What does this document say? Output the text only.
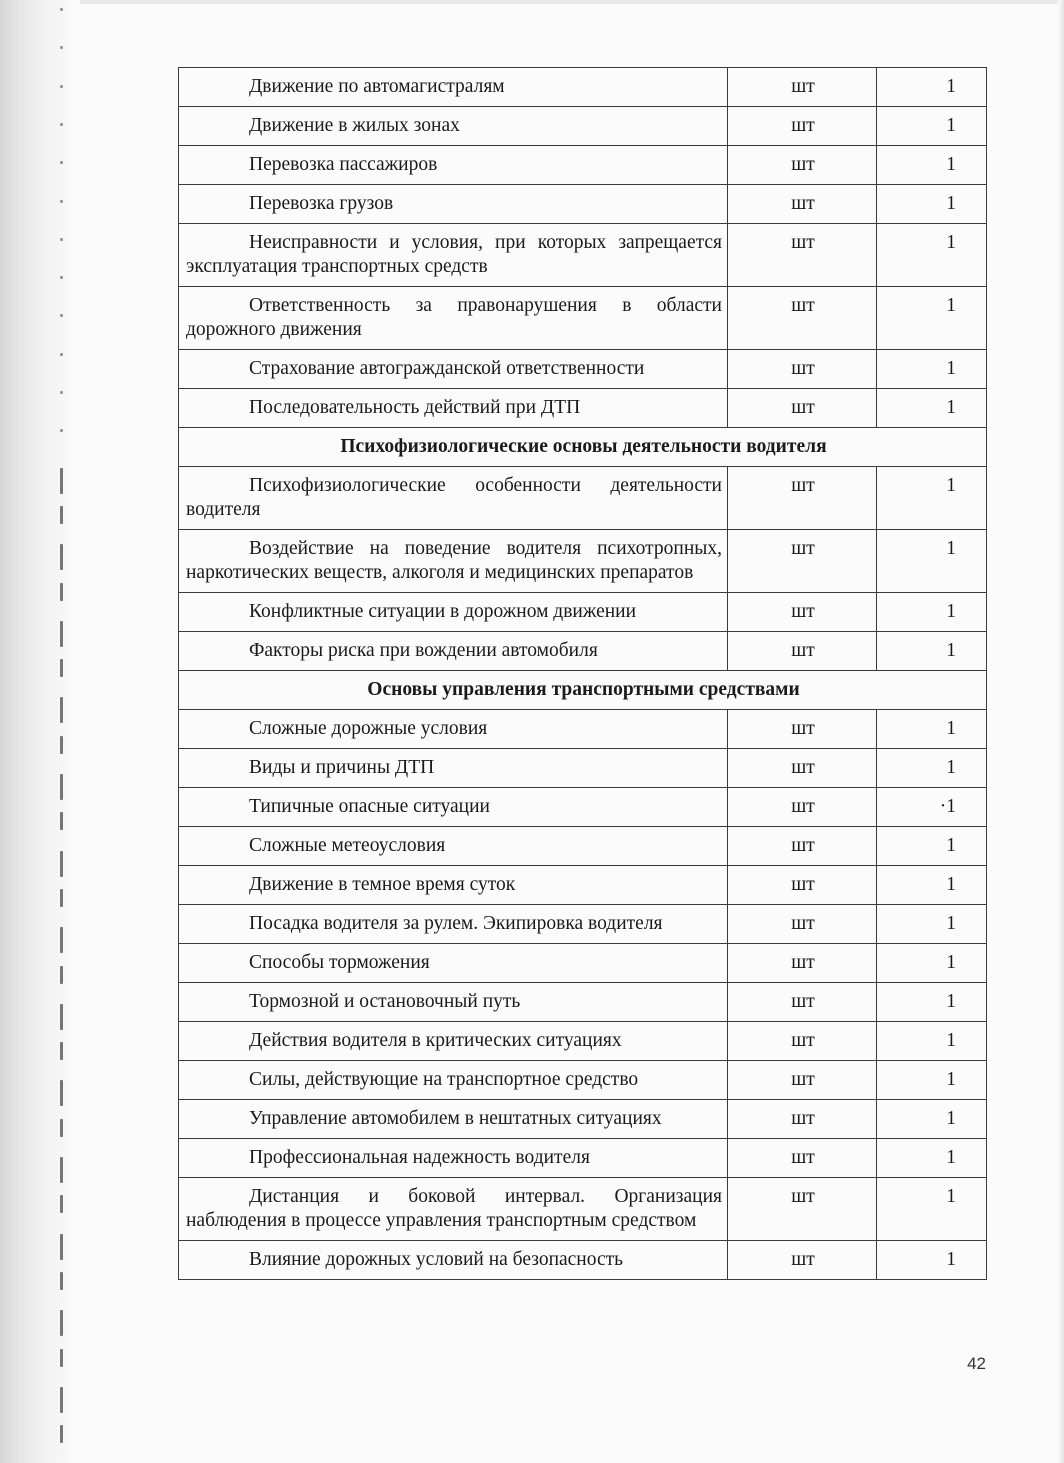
Движение по автомагистралям	шт	1
Движение в жилых зонах	шт	1
Перевозка пассажиров	шт	1
Перевозка грузов	шт	1
Неисправности и условия, при которых запрещается эксплуатация транспортных средств	шт	1
Ответственность за правонарушения в области дорожного движения	шт	1
Страхование автогражданской ответственности	шт	1
Последовательность действий при ДТП	шт	1
Психофизиологические основы деятельности водителя		
Психофизиологические особенности деятельности водителя	шт	1
Воздействие на поведение водителя психотропных, наркотических веществ, алкоголя и медицинских препаратов	шт	1
Конфликтные ситуации в дорожном движении	шт	1
Факторы риска при вождении автомобиля	шт	1
Основы управления транспортными средствами		
Сложные дорожные условия	шт	1
Виды и причины ДТП	шт	1
Типичные опасные ситуации	шт	·1
Сложные метеоусловия	шт	1
Движение в темное время суток	шт	1
Посадка водителя за рулем. Экипировка водителя	шт	1
Способы торможения	шт	1
Тормозной и остановочный путь	шт	1
Действия водителя в критических ситуациях	шт	1
Силы, действующие на транспортное средство	шт	1
Управление автомобилем в нештатных ситуациях	шт	1
Профессиональная надежность водителя	шт	1
Дистанция и боковой интервал. Организация наблюдения в процессе управления транспортным средством	шт	1
Влияние дорожных условий на безопасность	шт	1
42
